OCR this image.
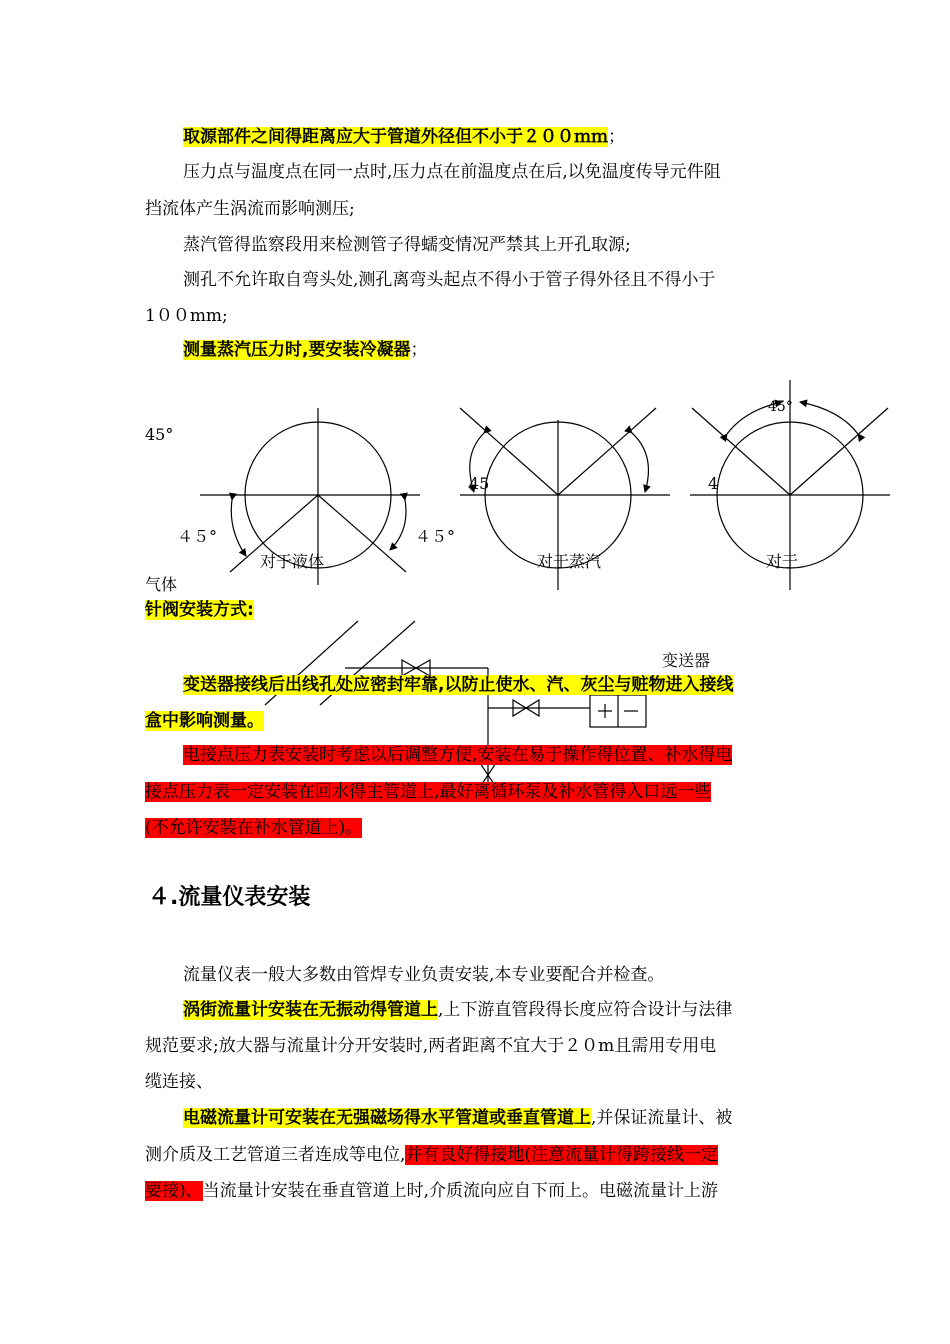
取源部件之间得距离应大于管道外径但不小于２００ｍｍ；
压力点与温度点在同一点时,压力点在前温度点在后,以免温度传导元件阻
挡流体产生涡流而影响测压;
蒸汽管得监察段用来检测管子得蠕变情况严禁其上开孔取源;
测孔不允许取自弯头处,测孔离弯头起点不得小于管子得外径且不得小于
1００mm;
测量蒸汽压力时,要安装冷凝器；
45°
４５°	４５°
对于液体
45
对于蒸汽
45°
4
对于
气体
针阀安装方式:
变送器
变送器接线后出线孔处应密封牢靠,以防止使水、汽、灰尘与赃物进入接线
盒中影响测量。
电接点压力表安装时考虑以后调整方便,安装在易于操作得位置、补水得电
接点压力表一定安装在回水得主管道上,最好离循环泵及补水管得入口远一些
(不允许安装在补水管道上)。
４.流量仪表安装
流量仪表一般大多数由管焊专业负责安装,本专业要配合并检查。
涡街流量计安装在无振动得管道上,上下游直管段得长度应符合设计与法律
规范要求;放大器与流量计分开安装时,两者距离不宜大于２０m且需用专用电
缆连接、
电磁流量计可安装在无强磁场得水平管道或垂直管道上,并保证流量计、被
测介质及工艺管道三者连成等电位,并有良好得接地(注意流量计得跨接线一定
要接)、当流量计安装在垂直管道上时,介质流向应自下而上。电磁流量计上游
